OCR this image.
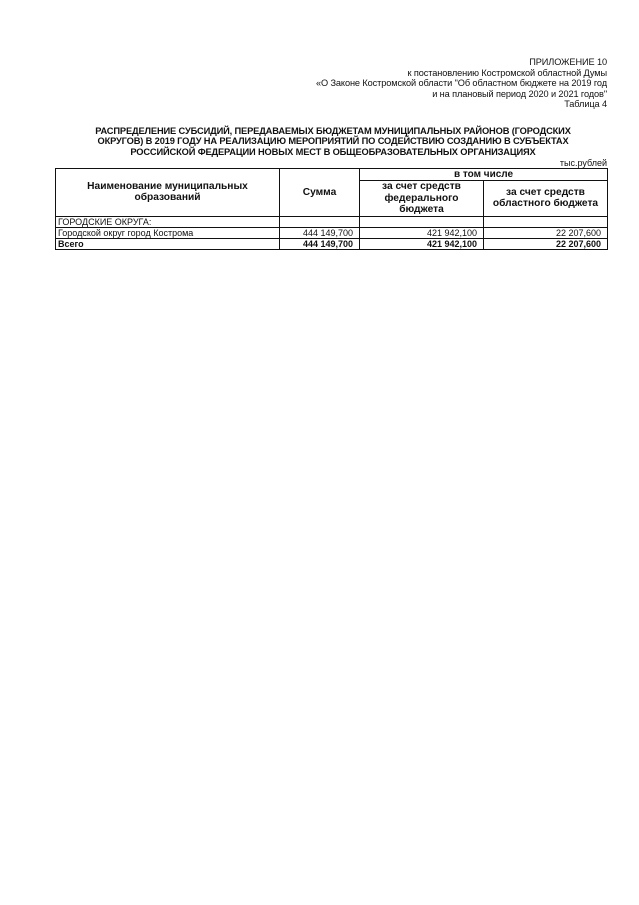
ПРИЛОЖЕНИЕ 10
к постановлению Костромской областной Думы
«О Законе Костромской области "Об областном бюджете на 2019 год
и на плановый период 2020 и 2021 годов"
Таблица 4
РАСПРЕДЕЛЕНИЕ СУБСИДИЙ, ПЕРЕДАВАЕМЫХ БЮДЖЕТАМ МУНИЦИПАЛЬНЫХ РАЙОНОВ (ГОРОДСКИХ
ОКРУГОВ) В 2019 ГОДУ НА РЕАЛИЗАЦИЮ МЕРОПРИЯТИЙ ПО СОДЕЙСТВИЮ СОЗДАНИЮ В СУБЪЕКТАХ
РОССИЙСКОЙ ФЕДЕРАЦИИ НОВЫХ МЕСТ В ОБЩЕОБРАЗОВАТЕЛЬНЫХ ОРГАНИЗАЦИЯХ
тыс.рублей
Наименование муниципальных образований	Сумма	в том числе	
		за счет средств федерального бюджета	за счет средств областного бюджета
ГОРОДСКИЕ ОКРУГА:			
Городской округ город Кострома	444 149,700	421 942,100	22 207,600
Всего	444 149,700	421 942,100	22 207,600
